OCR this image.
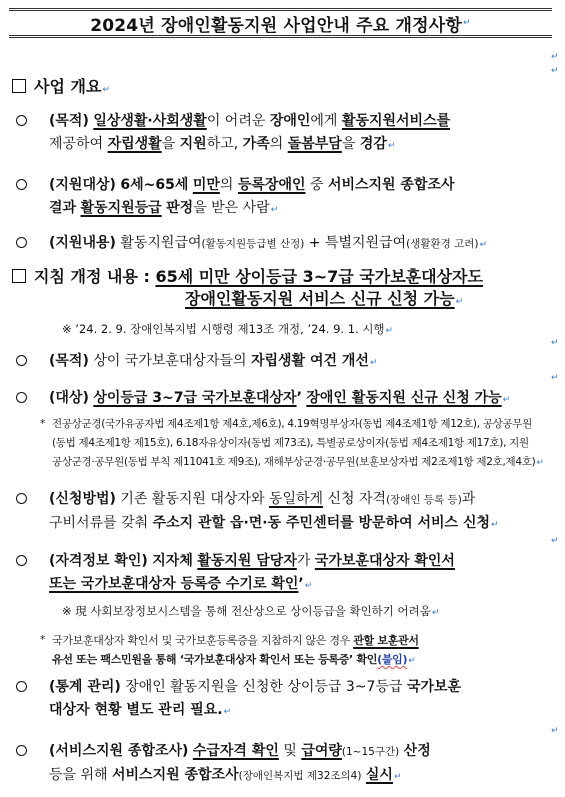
2024년 장애인활동지원 사업안내 주요 개정사항 ↵
↵
↵
사업 개요↵
(목적) 일상생활·사회생활이 어려운 장애인에게 활동지원서비스를
제공하여 자립생활을 지원하고, 가족의 돌봄부담을 경감↵
(지원대상) 6세~65세 미만의 등록장애인 중 서비스지원 종합조사
결과 활동지원등급 판정을 받은 사람↵
(지원내용) 활동지원급여(활동지원등급별 산정) + 특별지원급여(생활환경 고려)↵
지침 개정 내용 : 65세 미만 상이등급 3~7급 국가보훈대상자도
장애인활동지원 서비스 신규 신청 가능↵
※ ’24. 2. 9. 장애인복지법 시행령 제13조 개정, ’24. 9. 1. 시행↵
↵
(목적) 상이 국가보훈대상자들의 자립생활 여건 개선↵
↵
(대상) 상이등급 3~7급 국가보훈대상자’ 장애인 활동지원 신규 신청 가능↵
* 전공상군경(국가유공자법 제4조제1항 제4호,제6호), 4.19혁명부상자(동법 제4조제1항 제12호), 공상공무원
(동법 제4조제1항 제15호), 6.18자유상이자(동법 제73조), 특별공로상이자(동법 제4조제1항 제17호), 지원
공상군경·공무원(동법 부칙 제11041호 제9조), 재해부상군경·공무원(보훈보상자법 제2조제1항 제2호,제4호)↵
(신청방법) 기존 활동지원 대상자와 동일하게 신청 자격(장애인 등록 등)과
구비서류를 갖춰 주소지 관할 읍·면·동 주민센터를 방문하여 서비스 신청↵
↵
(자격정보 확인) 지자체 활동지원 담당자가 국가보훈대상자 확인서
또는 국가보훈대상자 등록증 수기로 확인’↵
※ 現 사회보장정보시스템을 통해 전산상으로 상이등급을 확인하기 어려움↵
* 국가보훈대상자 확인서 및 국가보훈등록증을 지참하지 않은 경우 관할 보훈관서
유선 또는 팩스민원을 통해 ‘국가보훈대상자 확인서 또는 등록증’ 확인(붙임)↵
(통계 관리) 장애인 활동지원을 신청한 상이등급 3~7등급 국가보훈
대상자 현황 별도 관리 필요.↵
↵
(서비스지원 종합조사) 수급자격 확인 및 급여량(1~15구간) 산정
등을 위해 서비스지원 종합조사(장애인복지법 제32조의4) 실시↵
